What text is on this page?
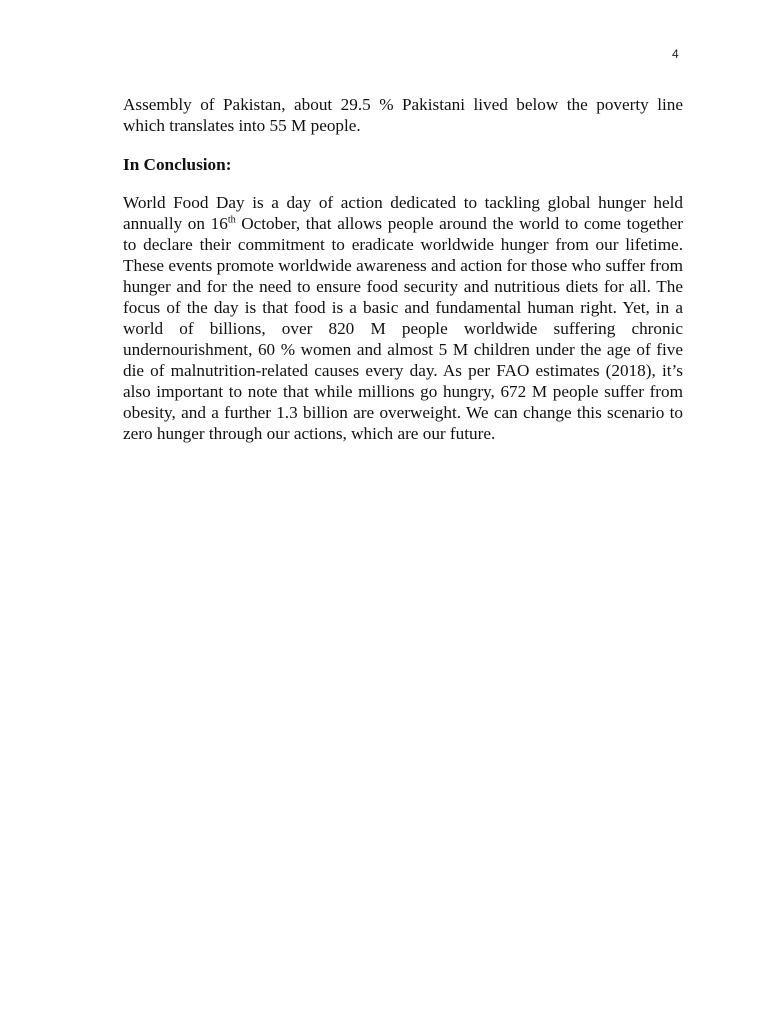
4

Assembly of Pakistan, about 29.5 % Pakistani lived below the poverty line which translates into 55 M people.

In Conclusion:

World Food Day is a day of action dedicated to tackling global hunger held annually on 16th October, that allows people around the world to come together to declare their commitment to eradicate worldwide hunger from our lifetime. These events promote worldwide awareness and action for those who suffer from hunger and for the need to ensure food security and nutritious diets for all. The focus of the day is that food is a basic and fundamental human right. Yet, in a world of billions, over 820 M people worldwide suffering chronic undernourishment, 60 % women and almost 5 M children under the age of five die of malnutrition-related causes every day. As per FAO estimates (2018), it’s also important to note that while millions go hungry, 672 M people suffer from obesity, and a further 1.3 billion are overweight. We can change this scenario to zero hunger through our actions, which are our future.
